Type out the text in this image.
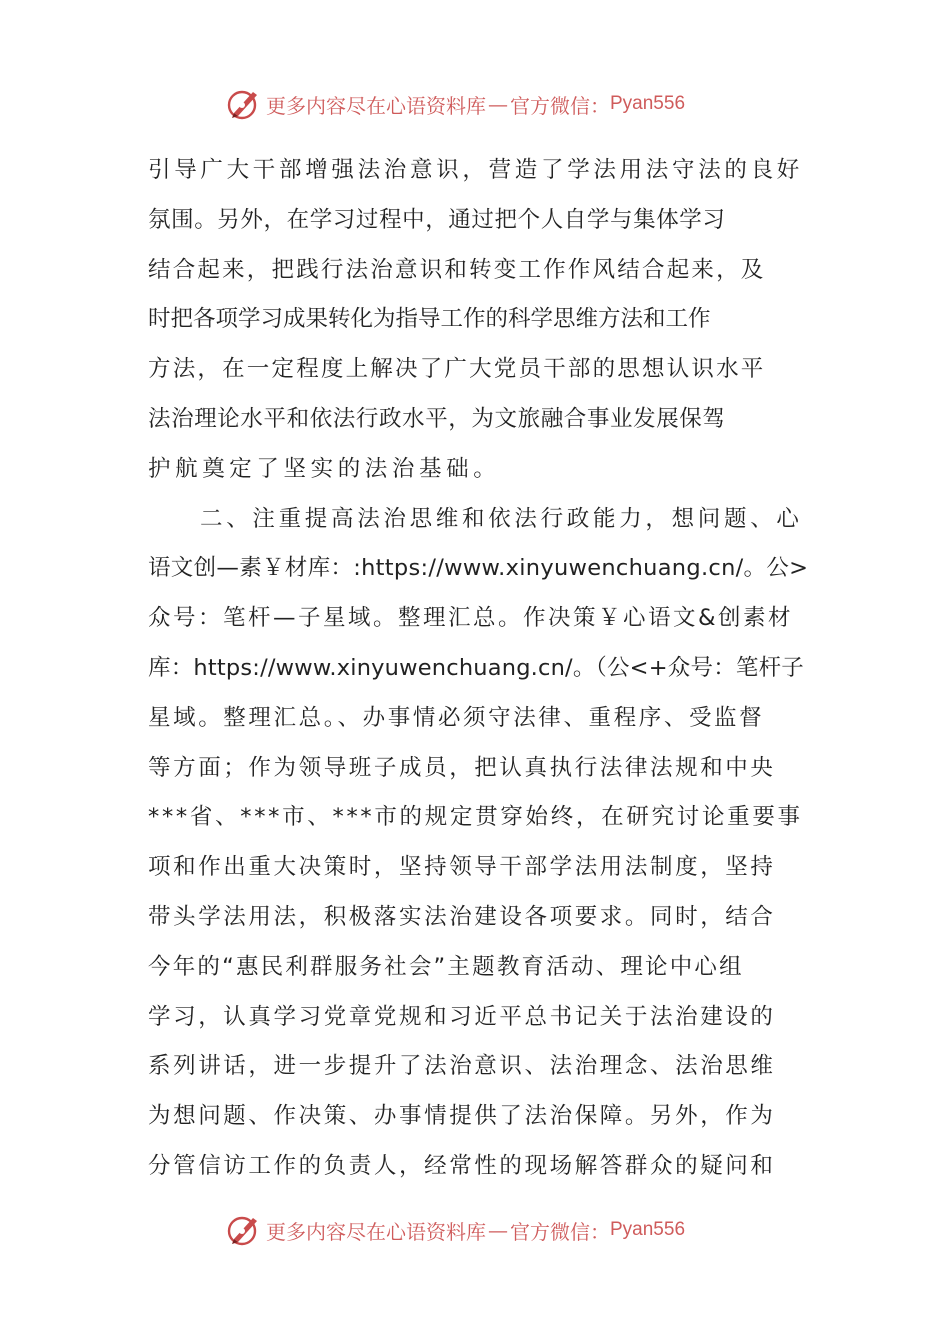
更多内容尽在心语资料库 — 官方微信： Pyan556
引导广大干部增强法治意识，营造了学法用法守法的良好
氛围。另外，在学习过程中，通过把个人自学与集体学习
结合起来，把践行法治意识和转变工作作风结合起来，及
时把各项学习成果转化为指导工作的科学思维方法和工作
方法，在一定程度上解决了广大党员干部的思想认识水平
法治理论水平和依法行政水平，为文旅融合事业发展保驾
护航奠定了坚实的法治基础。
二、注重提高法治思维和依法行政能力，想问题、心
语文创—素￥材库：:https://www.xinyuwenchuang.cn/。公>
众号：笔杆—子星域。整理汇总。作决策￥心语文&创素材
库：https://www.xinyuwenchuang.cn/。（公<+众号：笔杆子
星域。整理汇总。、办事情必须守法律、重程序、受监督
等方面；作为领导班子成员，把认真执行法律法规和中央
***省、***市、***市的规定贯穿始终，在研究讨论重要事
项和作出重大决策时，坚持领导干部学法用法制度，坚持
带头学法用法，积极落实法治建设各项要求。同时，结合
今年的“惠民利群服务社会”主题教育活动、理论中心组
学习，认真学习党章党规和习近平总书记关于法治建设的
系列讲话，进一步提升了法治意识、法治理念、法治思维
为想问题、作决策、办事情提供了法治保障。另外，作为
分管信访工作的负责人，经常性的现场解答群众的疑问和
更多内容尽在心语资料库 — 官方微信： Pyan556
